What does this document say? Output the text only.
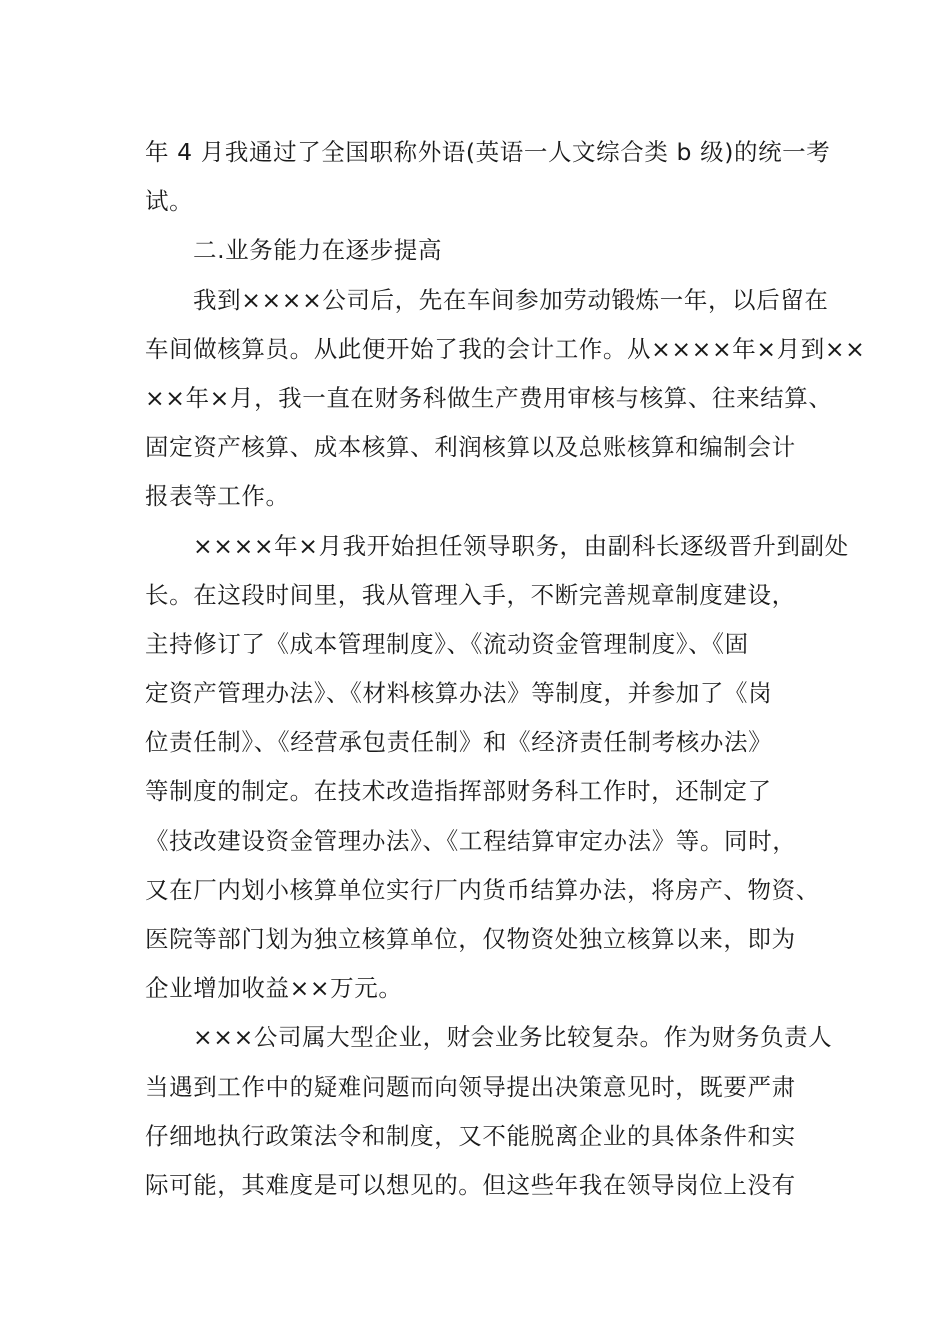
年 4 月我通过了全国职称外语(英语一人文综合类 b 级)的统一考
试。
二.业务能力在逐步提高
我到××××公司后，先在车间参加劳动锻炼一年，以后留在
车间做核算员。从此便开始了我的会计工作。从××××年×月到××
××年×月，我一直在财务科做生产费用审核与核算、往来结算、
固定资产核算、成本核算、利润核算以及总账核算和编制会计
报表等工作。
××××年×月我开始担任领导职务，由副科长逐级晋升到副处
长。在这段时间里，我从管理入手，不断完善规章制度建设，
主持修订了《成本管理制度》、《流动资金管理制度》、《固
定资产管理办法》、《材料核算办法》等制度，并参加了《岗
位责任制》、《经营承包责任制》和《经济责任制考核办法》
等制度的制定。在技术改造指挥部财务科工作时，还制定了
《技改建设资金管理办法》、《工程结算审定办法》等。同时，
又在厂内划小核算单位实行厂内货币结算办法，将房产、物资、
医院等部门划为独立核算单位，仅物资处独立核算以来，即为
企业增加收益××万元。
×××公司属大型企业，财会业务比较复杂。作为财务负责人
当遇到工作中的疑难问题而向领导提出决策意见时，既要严肃
仔细地执行政策法令和制度，又不能脱离企业的具体条件和实
际可能，其难度是可以想见的。但这些年我在领导岗位上没有
